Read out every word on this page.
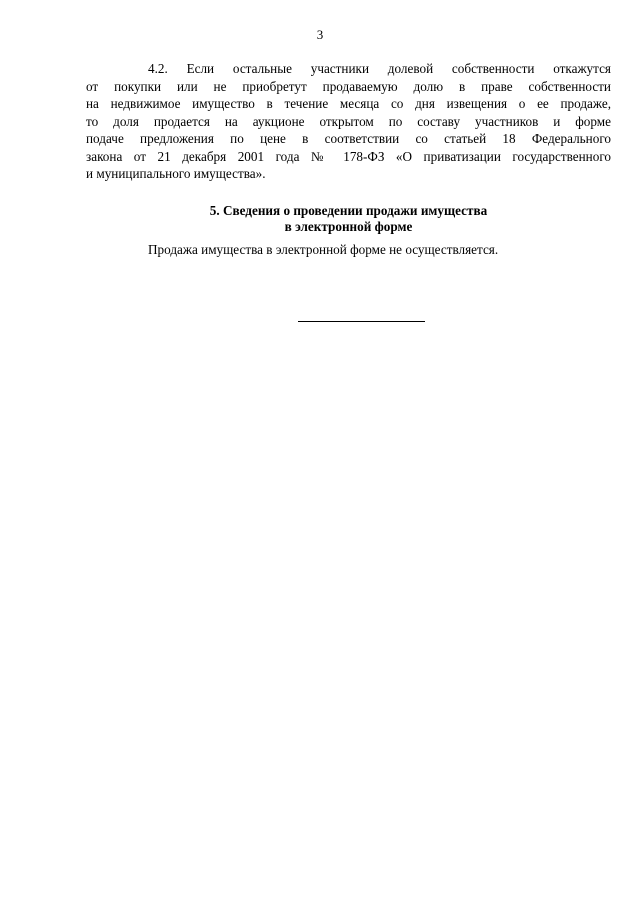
3
4.2. Если остальные участники долевой собственности откажутся
от покупки или не приобретут продаваемую долю в праве собственности
на недвижимое имущество в течение месяца со дня извещения о ее продаже,
то доля продается на аукционе открытом по составу участников и форме
подаче предложения по цене в соответствии со статьей 18 Федерального
закона от 21 декабря 2001 года № 178-ФЗ «О приватизации государственного
и муниципального имущества».
5. Сведения о проведении продажи имущества
в электронной форме
Продажа имущества в электронной форме не осуществляется.
